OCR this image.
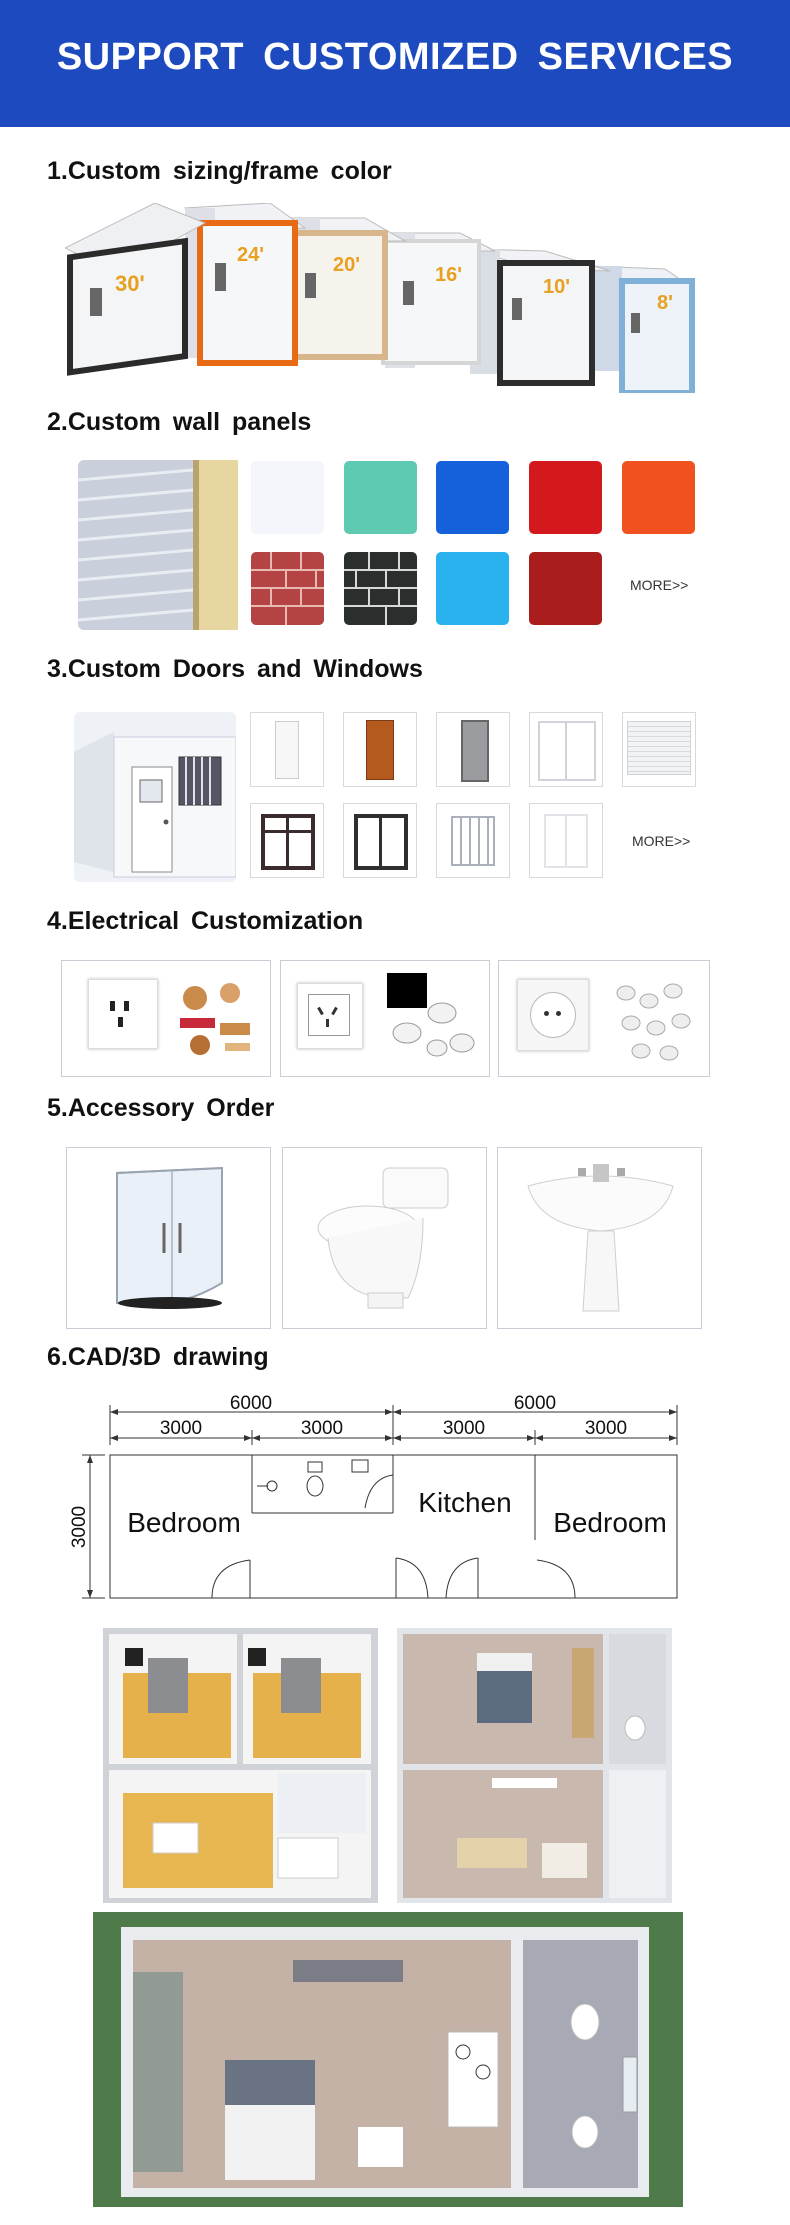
SUPPORT CUSTOMIZED SERVICES
1.Custom sizing/frame color
8'
10'
16'
20'
24'
30'
2.Custom wall panels
MORE>>
3.Custom Doors and Windows
MORE>>
4.Electrical Customization
5.Accessory Order
6.CAD/3D drawing
6000	6000
3000	3000	3000	3000
3000 Bedroom
Kitchen
Bedroom
